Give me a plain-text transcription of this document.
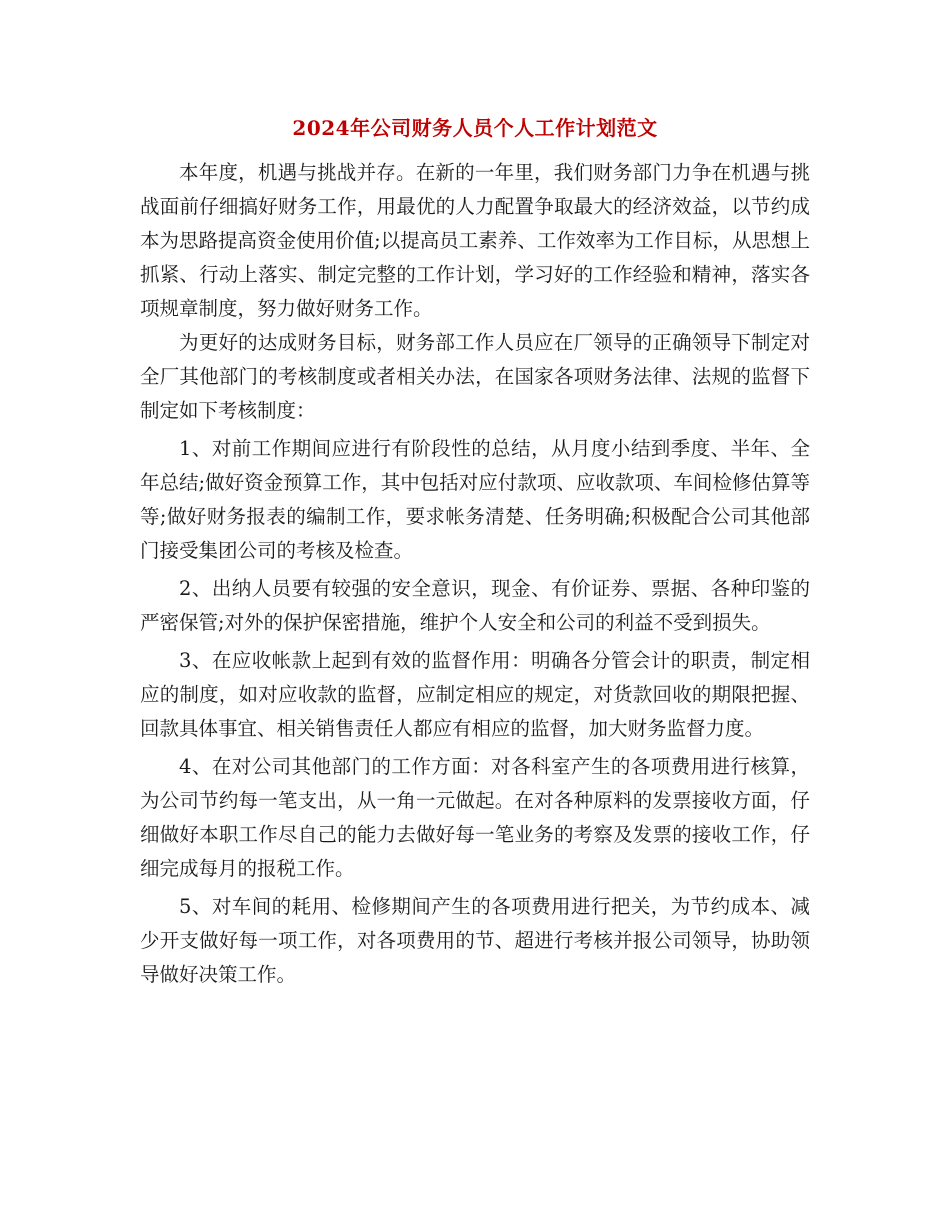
2024年公司财务人员个人工作计划范文

本年度，机遇与挑战并存。在新的一年里，我们财务部门力争在机遇与挑战面前仔细搞好财务工作，用最优的人力配置争取最大的经济效益，以节约成本为思路提高资金使用价值;以提高员工素养、工作效率为工作目标，从思想上抓紧、行动上落实、制定完整的工作计划，学习好的工作经验和精神，落实各项规章制度，努力做好财务工作。

为更好的达成财务目标，财务部工作人员应在厂领导的正确领导下制定对全厂其他部门的考核制度或者相关办法，在国家各项财务法律、法规的监督下制定如下考核制度：

1、对前工作期间应进行有阶段性的总结，从月度小结到季度、半年、全年总结;做好资金预算工作，其中包括对应付款项、应收款项、车间检修估算等等;做好财务报表的编制工作，要求帐务清楚、任务明确;积极配合公司其他部门接受集团公司的考核及检查。

2、出纳人员要有较强的安全意识，现金、有价证券、票据、各种印鉴的严密保管;对外的保护保密措施，维护个人安全和公司的利益不受到损失。

3、在应收帐款上起到有效的监督作用：明确各分管会计的职责，制定相应的制度，如对应收款的监督，应制定相应的规定，对货款回收的期限把握、回款具体事宜、相关销售责任人都应有相应的监督，加大财务监督力度。

4、在对公司其他部门的工作方面：对各科室产生的各项费用进行核算，为公司节约每一笔支出，从一角一元做起。在对各种原料的发票接收方面，仔细做好本职工作尽自己的能力去做好每一笔业务的考察及发票的接收工作，仔细完成每月的报税工作。

5、对车间的耗用、检修期间产生的各项费用进行把关，为节约成本、减少开支做好每一项工作，对各项费用的节、超进行考核并报公司领导，协助领导做好决策工作。
